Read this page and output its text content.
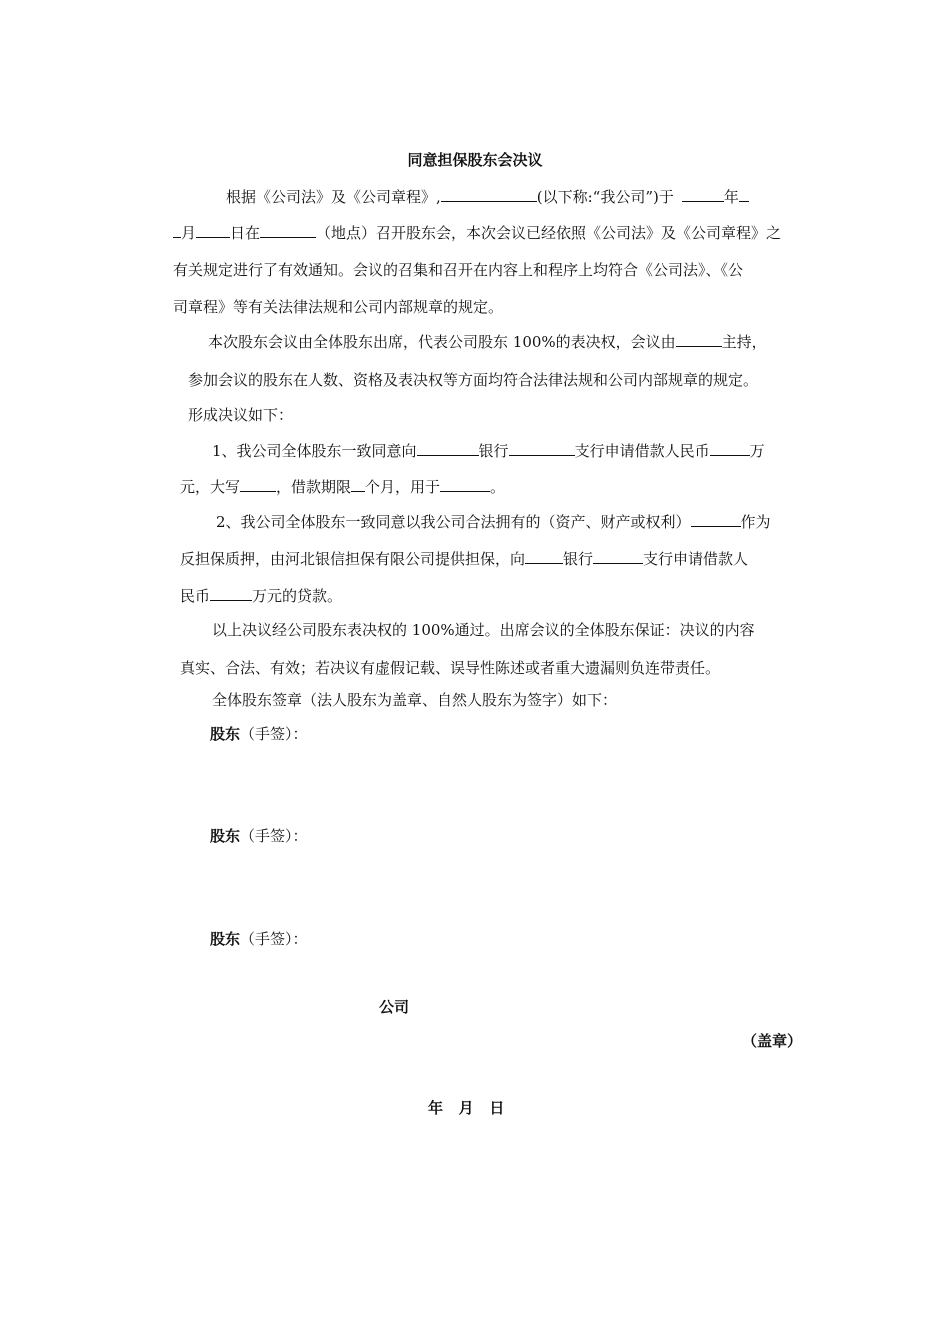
同意担保股东会决议
根据《公司法》及《公司章程》,	(以下称:“我公司”)于	年
月 日在	（地点）召开股东会，本次会议已经依照《公司法》及《公司章程》之
有关规定进行了有效通知。会议的召集和召开在内容上和程序上均符合《公司法》、《公
司章程》等有关法律法规和公司内部规章的规定。
本次股东会议由全体股东出席，代表公司股东 100%的表决权，会议由	主持，
参加会议的股东在人数、资格及表决权等方面均符合法律法规和公司内部规章的规定。
形成决议如下：
1、我公司全体股东一致同意向	银行	支行申请借款人民币	万
元，大写 ，借款期限 个月，用于	。
2、我公司全体股东一致同意以我公司合法拥有的（资产、财产或权利）	作为
反担保质押，由河北银信担保有限公司提供担保，向	银行	支行申请借款人
民币	万元的贷款。
以上决议经公司股东表决权的 100%通过。出席会议的全体股东保证：决议的内容
真实、合法、有效；若决议有虚假记载、误导性陈述或者重大遗漏则负连带责任。
全体股东签章（法人股东为盖章、自然人股东为签字）如下：
股东（手签）：
股东（手签）：
股东（手签）：
公司
（盖章）
年   月   日
